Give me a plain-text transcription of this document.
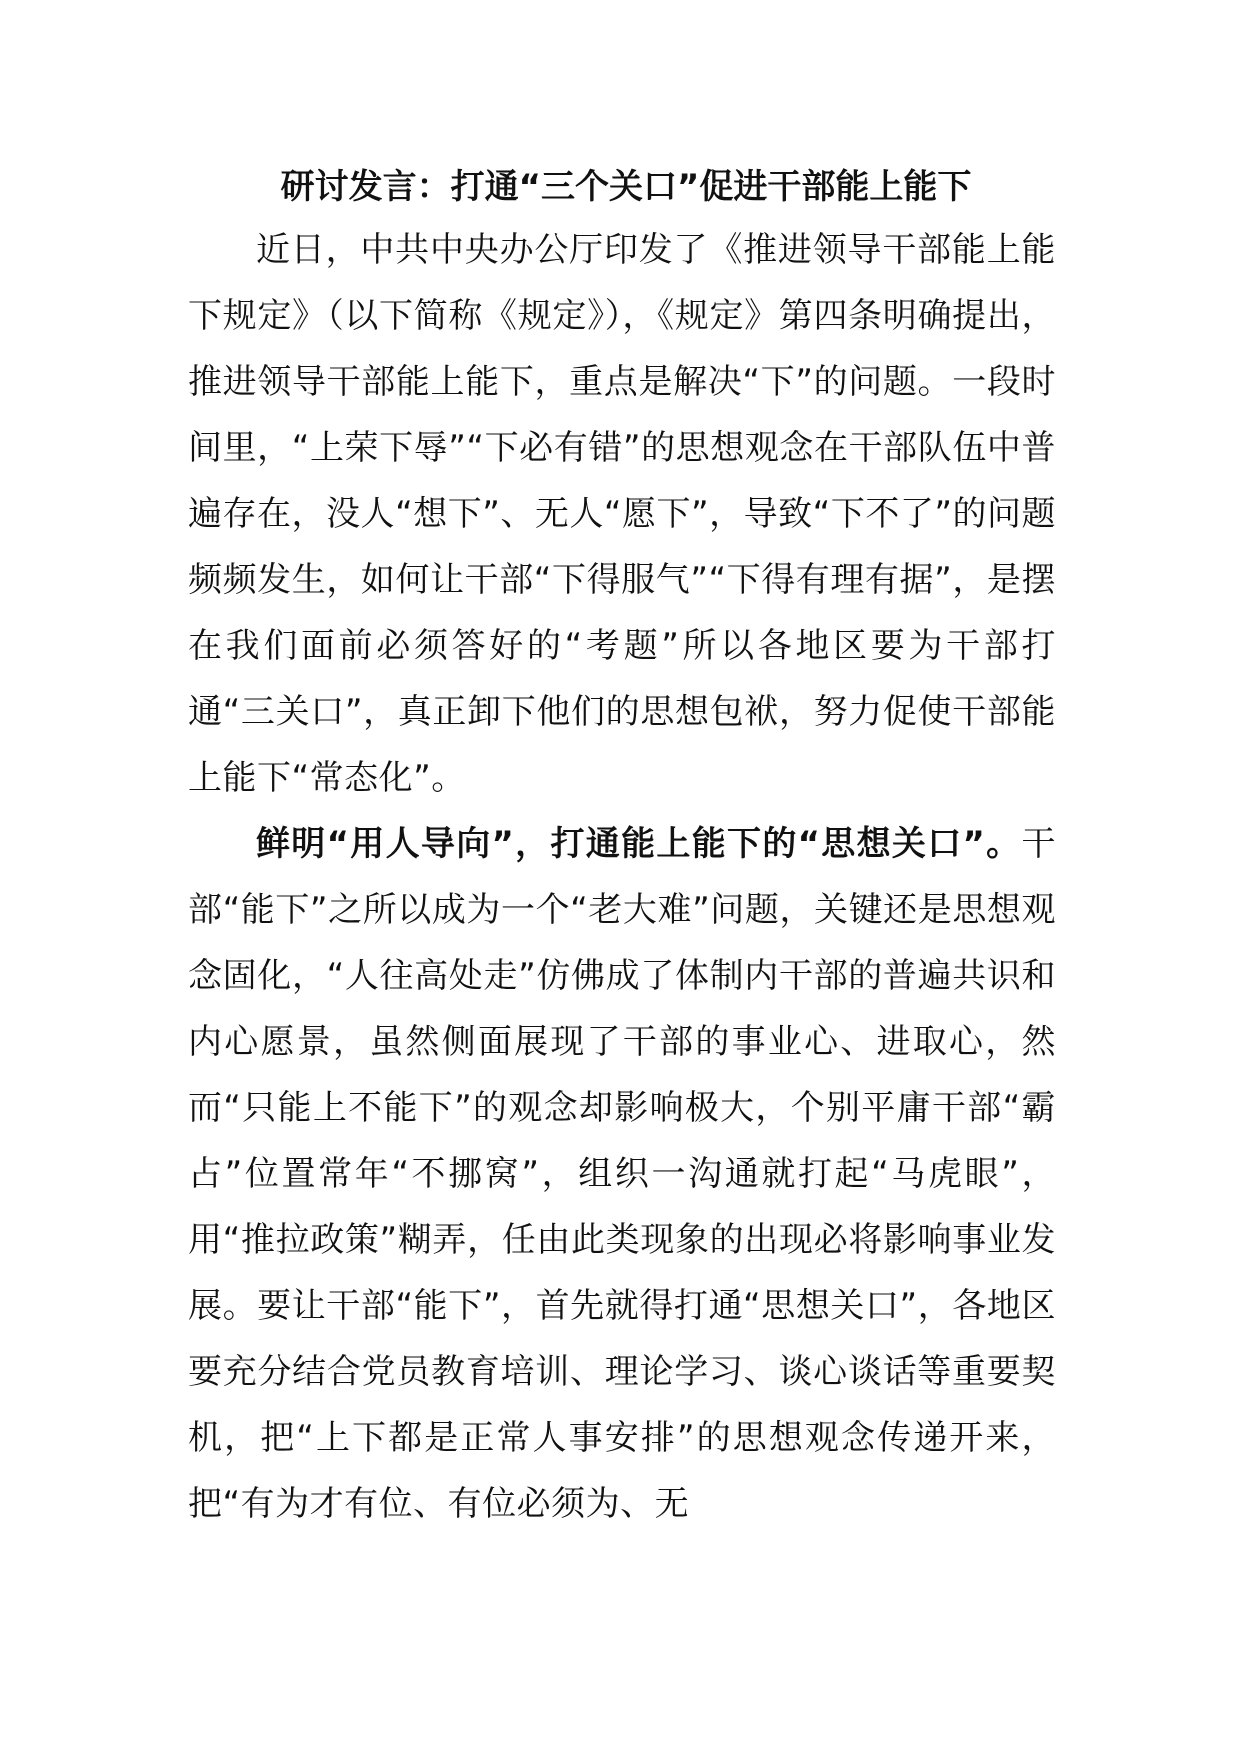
研讨发言：打通“三个关口”促进干部能上能下

近日，中共中央办公厅印发了《推进领导干部能上能下规定》（以下简称《规定》），《规定》第四条明确提出，推进领导干部能上能下，重点是解决“下”的问题。一段时间里，“上荣下辱”“下必有错”的思想观念在干部队伍中普遍存在，没人“想下”、无人“愿下”，导致“下不了”的问题频频发生，如何让干部“下得服气”“下得有理有据”，是摆在我们面前必须答好的“考题”所以各地区要为干部打通“三关口”，真正卸下他们的思想包袱，努力促使干部能上能下“常态化”。

鲜明“用人导向”，打通能上能下的“思想关口”。干部“能下”之所以成为一个“老大难”问题，关键还是思想观念固化，“人往高处走”仿佛成了体制内干部的普遍共识和内心愿景，虽然侧面展现了干部的事业心、进取心，然而“只能上不能下”的观念却影响极大，个别平庸干部“霸占”位置常年“不挪窝”，组织一沟通就打起“马虎眼”，用“推拉政策”糊弄，任由此类现象的出现必将影响事业发展。要让干部“能下”，首先就得打通“思想关口”，各地区要充分结合党员教育培训、理论学习、谈心谈话等重要契机，把“上下都是正常人事安排”的思想观念传递开来，把“有为才有位、有位必须为、无
